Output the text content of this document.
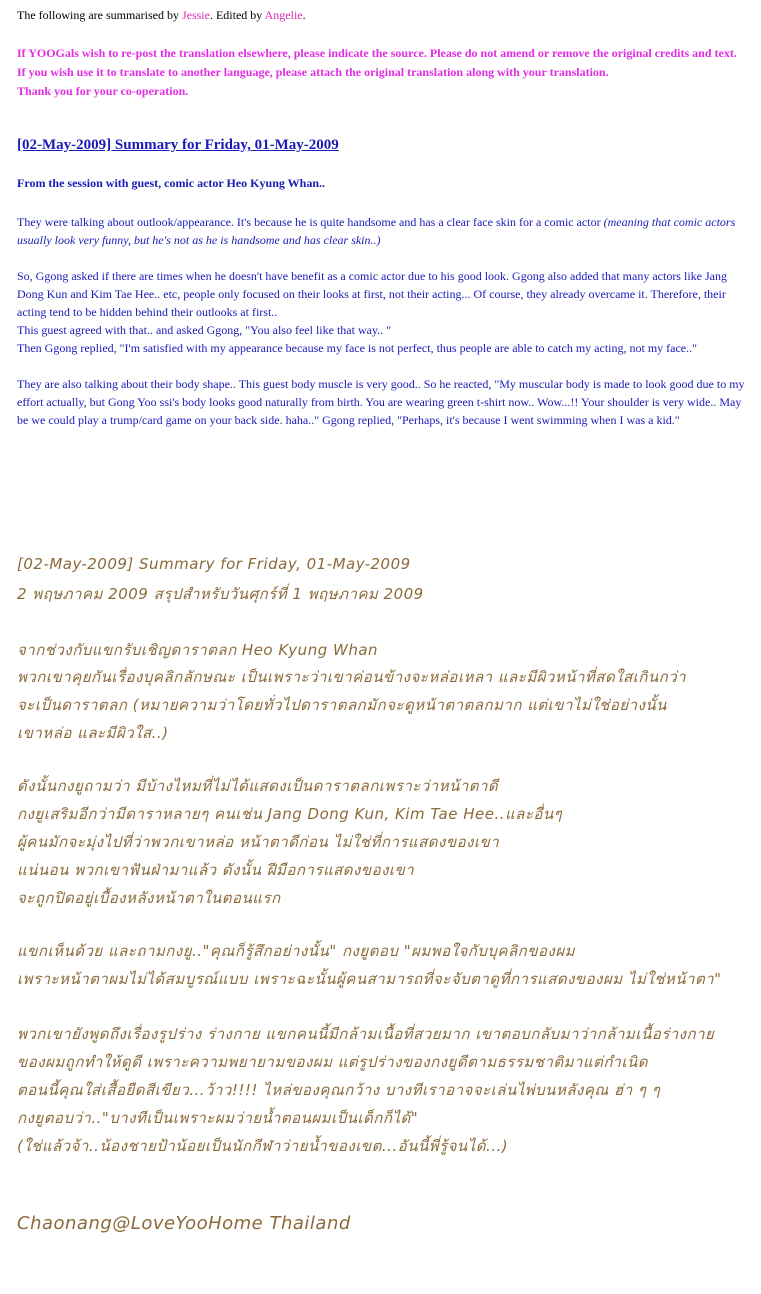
The following are summarised by Jessie. Edited by Angelie.
If YOOGals wish to re-post the translation elsewhere, please indicate the source. Please do not amend or remove the original credits and text.
If you wish use it to translate to another language, please attach the original translation along with your translation.
Thank you for your co-operation.
[02-May-2009] Summary for Friday, 01-May-2009
From the session with guest, comic actor Heo Kyung Whan..

They were talking about outlook/appearance. It's because he is quite handsome and has a clear face skin for a comic actor (meaning that comic actors usually look very funny, but he's not as he is handsome and has clear skin..)

So, Ggong asked if there are times when he doesn't have benefit as a comic actor due to his good look. Ggong also added that many actors like Jang Dong Kun and Kim Tae Hee.. etc, people only focused on their looks at first, not their acting... Of course, they already overcame it. Therefore, their acting tend to be hidden behind their outlooks at first..
This guest agreed with that.. and asked Ggong, "You also feel like that way.. "
Then Ggong replied, "I'm satisfied with my appearance because my face is not perfect, thus people are able to catch my acting, not my face.."

They are also talking about their body shape.. This guest body muscle is very good.. So he reacted, "My muscular body is made to look good due to my effort actually, but Gong Yoo ssi's body looks good naturally from birth. You are wearing green t-shirt now.. Wow...!! Your shoulder is very wide.. May be we could play a trump/card game on your back side. haha.." Ggong replied, "Perhaps, it's because I went swimming when I was a kid."

[02-May-2009] Summary for Friday, 01-May-2009
2 พฤษภาคม 2009 สรุปสำหรับวันศุกร์ที่ 1 พฤษภาคม 2009
จากช่วงกับแขกรับเชิญดาราตลก Heo Kyung Whan
พวกเขาคุยกันเรื่องบุคลิกลักษณะ เป็นเพราะว่าเขาค่อนข้างจะหล่อเหลา และมีผิวหน้าที่สดใสเกินกว่า
จะเป็นดาราตลก (หมายความว่าโดยทั่วไปดาราตลกมักจะดูหน้าตาตลกมาก แต่เขาไม่ใช่อย่างนั้น
เขาหล่อ และมีผิวใส..)
ดังนั้นกงยูถามว่า มีบ้างไหมที่ไม่ได้แสดงเป็นดาราตลกเพราะว่าหน้าตาดี
กงยูเสริมอีกว่ามีดาราหลายๆ คนเช่น Jang Dong Kun, Kim Tae Hee..และอื่นๆ
ผู้คนมักจะมุ่งไปที่ว่าพวกเขาหล่อ หน้าตาดีก่อน ไม่ใช่ที่การแสดงของเขา
แน่นอน พวกเขาฟันฝ่ามาแล้ว ดังนั้น ฝีมือการแสดงของเขา
จะถูกปิดอยู่เบื้องหลังหน้าตาในตอนแรก
แขกเห็นด้วย และถามกงยู.."คุณก็รู้สึกอย่างนั้น" กงยูตอบ "ผมพอใจกับบุคลิกของผม
เพราะหน้าตาผมไม่ได้สมบูรณ์แบบ เพราะฉะนั้นผู้คนสามารถที่จะจับตาดูที่การแสดงของผม ไม่ใช่หน้าตา"
พวกเขายังพูดถึงเรื่องรูปร่าง ร่างกาย แขกคนนี้มีกล้ามเนื้อที่สวยมาก เขาตอบกลับมาว่ากล้ามเนื้อร่างกาย
ของผมถูกทำให้ดูดี เพราะความพยายามของผม แต่รูปร่างของกงยูดีตามธรรมชาติมาแต่กำเนิด
ตอนนี้คุณใส่เสื้อยืดสีเขียว...ว้าว!!!! ไหล่ของคุณกว้าง บางทีเราอาจจะเล่นไพ่บนหลังคุณ ฮ่า ๆ ๆ
กงยูตอบว่า.."บางทีเป็นเพราะผมว่ายน้ำตอนผมเป็นเด็กก็ได้"
(ใช่แล้วจ้า..น้องชายป้าน้อยเป็นนักกีฬาว่ายน้ำของเขต...อันนี้พี่รู้จนได้...)
Chaonang@LoveYooHome Thailand
